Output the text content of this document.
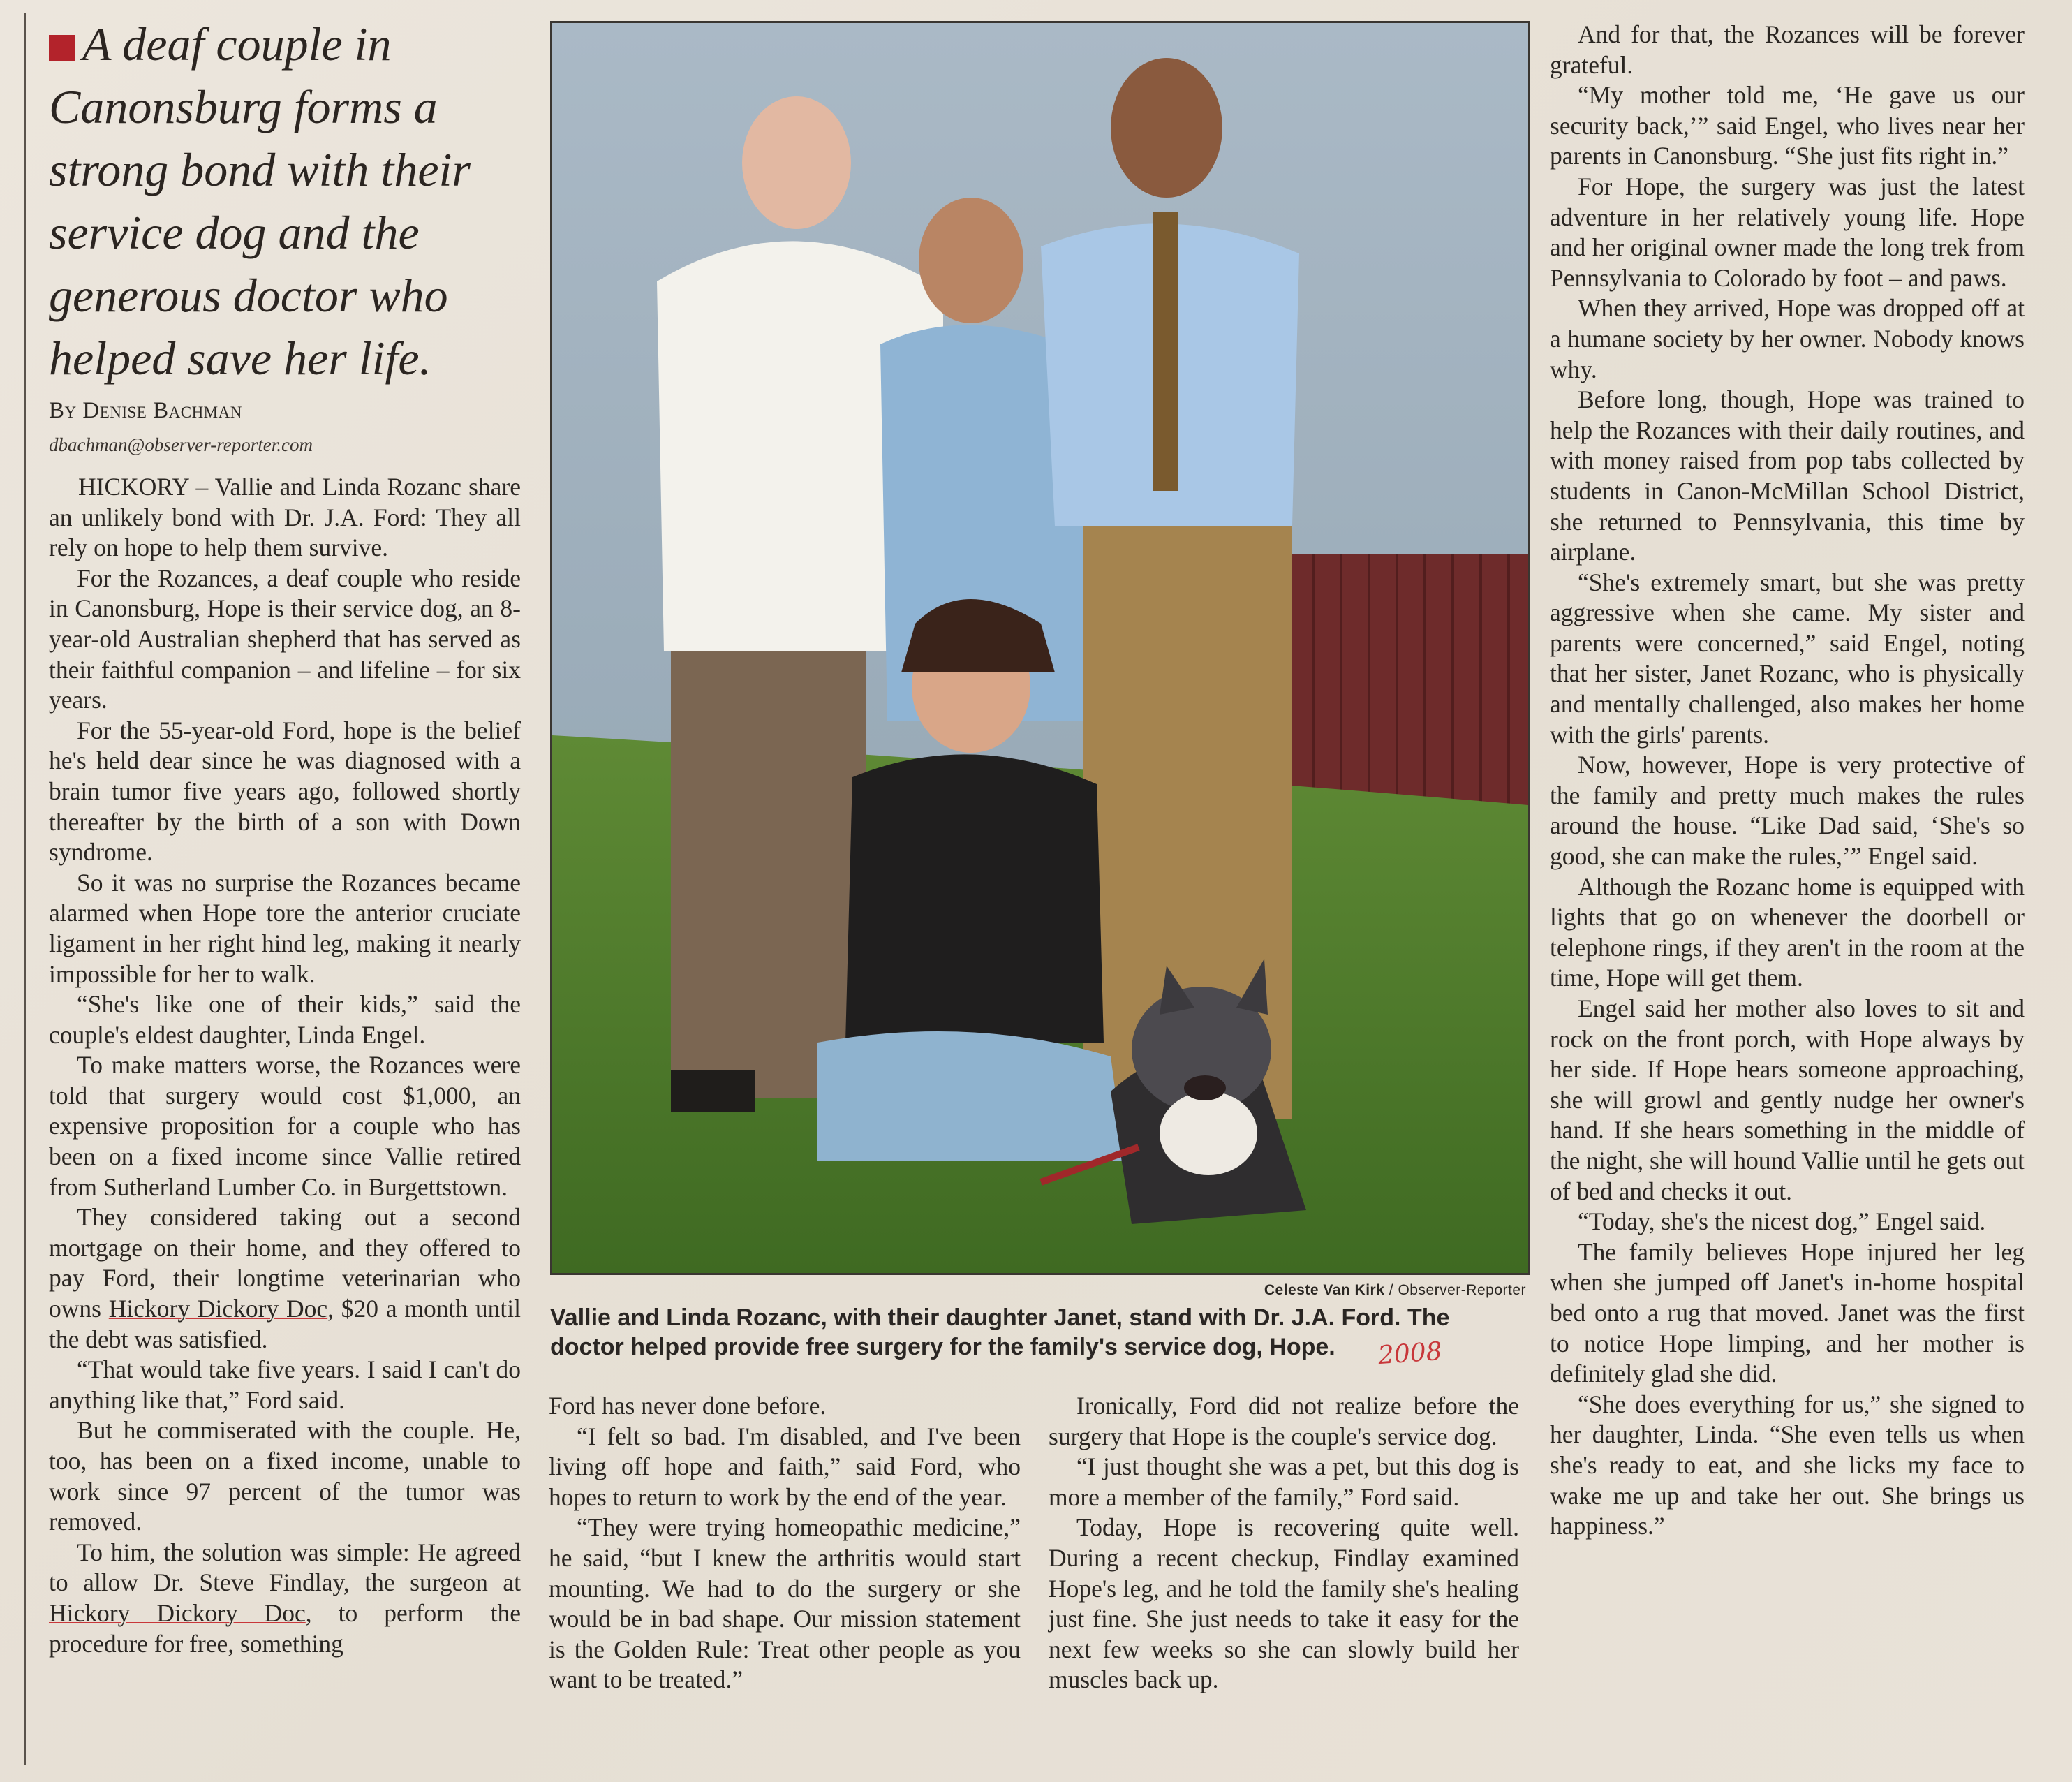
A deaf couple in Canonsburg forms a strong bond with their service dog and the generous doctor who helped save her life.
By Denise Bachman
dbachman@observer-reporter.com

HICKORY – Vallie and Linda Rozanc share an unlikely bond with Dr. J.A. Ford: They all rely on hope to help them survive.

For the Rozances, a deaf couple who reside in Canonsburg, Hope is their service dog, an 8-year-old Australian shepherd that has served as their faithful companion – and lifeline – for six years.

For the 55-year-old Ford, hope is the belief he's held dear since he was diagnosed with a brain tumor five years ago, followed shortly thereafter by the birth of a son with Down syndrome.

So it was no surprise the Rozances became alarmed when Hope tore the anterior cruciate ligament in her right hind leg, making it nearly impossible for her to walk.

“She's like one of their kids,” said the couple's eldest daughter, Linda Engel.

To make matters worse, the Rozances were told that surgery would cost $1,000, an expensive proposition for a couple who has been on a fixed income since Vallie retired from Sutherland Lumber Co. in Burgettstown.

They considered taking out a second mortgage on their home, and they offered to pay Ford, their longtime veterinarian who owns Hickory Dickory Doc, $20 a month until the debt was satisfied.

“That would take five years. I said I can't do anything like that,” Ford said.

But he commiserated with the couple. He, too, has been on a fixed income, unable to work since 97 percent of the tumor was removed.

To him, the solution was simple: He agreed to allow Dr. Steve Findlay, the surgeon at Hickory Dickory Doc, to perform the procedure for free, something

Celeste Van Kirk / Observer-Reporter
Vallie and Linda Rozanc, with their daughter Janet, stand with Dr. J.A. Ford. The doctor helped provide free surgery for the family's service dog, Hope.	2008

Ford has never done before.

“I felt so bad. I'm disabled, and I've been living off hope and faith,” said Ford, who hopes to return to work by the end of the year.

“They were trying homeopathic medicine,” he said, “but I knew the arthritis would start mounting. We had to do the surgery or she would be in bad shape. Our mission statement is the Golden Rule: Treat other people as you want to be treated.”

Ironically, Ford did not realize before the surgery that Hope is the couple's service dog.

“I just thought she was a pet, but this dog is more a member of the family,” Ford said.

Today, Hope is recovering quite well. During a recent checkup, Findlay examined Hope's leg, and he told the family she's healing just fine. She just needs to take it easy for the next few weeks so she can slowly build her muscles back up.

And for that, the Rozances will be forever grateful.

“My mother told me, ‘He gave us our security back,’” said Engel, who lives near her parents in Canonsburg. “She just fits right in.”

For Hope, the surgery was just the latest adventure in her relatively young life. Hope and her original owner made the long trek from Pennsylvania to Colorado by foot – and paws.

When they arrived, Hope was dropped off at a humane society by her owner. Nobody knows why.

Before long, though, Hope was trained to help the Rozances with their daily routines, and with money raised from pop tabs collected by students in Canon-McMillan School District, she returned to Pennsylvania, this time by airplane.

“She's extremely smart, but she was pretty aggressive when she came. My sister and parents were concerned,” said Engel, noting that her sister, Janet Rozanc, who is physically and mentally challenged, also makes her home with the girls' parents.

Now, however, Hope is very protective of the family and pretty much makes the rules around the house. “Like Dad said, ‘She's so good, she can make the rules,’” Engel said.

Although the Rozanc home is equipped with lights that go on whenever the doorbell or telephone rings, if they aren't in the room at the time, Hope will get them.

Engel said her mother also loves to sit and rock on the front porch, with Hope always by her side. If Hope hears someone approaching, she will growl and gently nudge her owner's hand. If she hears something in the middle of the night, she will hound Vallie until he gets out of bed and checks it out.

“Today, she's the nicest dog,” Engel said.

The family believes Hope injured her leg when she jumped off Janet's in-home hospital bed onto a rug that moved. Janet was the first to notice Hope limping, and her mother is definitely glad she did.

“She does everything for us,” she signed to her daughter, Linda. “She even tells us when she's ready to eat, and she licks my face to wake me up and take her out. She brings us happiness.”
